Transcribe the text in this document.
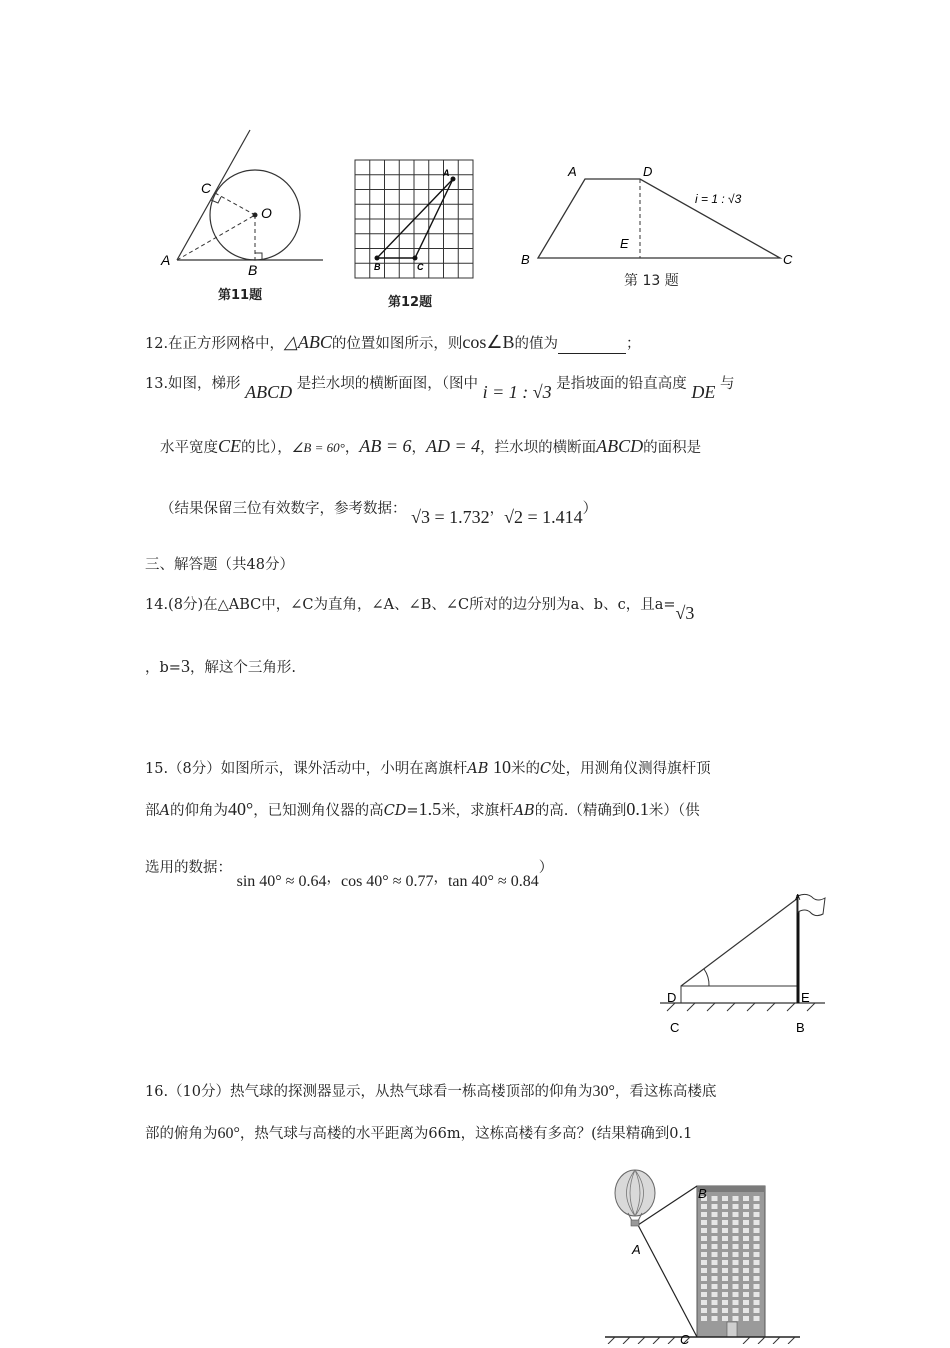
A
B
C
O
第11题
A
B	C
第12题
A	D
B	C
E
i = 1 : √3
第 13 题
12.在正方形网格中，△ABC的位置如图所示，则cos∠B的值为	；
13.如图，梯形 ABCD 是拦水坝的横断面图，（图中 i = 1 : √3 是指坡面的铅直高度 DE 与
水平宽度CE的比），∠B = 60°，AB = 6，AD = 4，拦水坝的横断面ABCD的面积是
（结果保留三位有效数字，参考数据： √3 = 1.732，√2 = 1.414）
三、解答题（共48分）
14.(8分)在△ABC中，∠C为直角，∠A、∠B、∠C所对的边分别为a、b、c，且a=√3
，b=3，解这个三角形.
15.（8分）如图所示，课外活动中，小明在离旗杆AB 10米的C处，用测角仪测得旗杆顶
部A的仰角为40°，已知测角仪器的高CD=1.5米，求旗杆AB的高.（精确到0.1米）（供
选用的数据： sin 40° ≈ 0.64，cos 40° ≈ 0.77，tan 40° ≈ 0.84）
D	E
C	B
A
16.（10分）热气球的探测器显示，从热气球看一栋高楼顶部的仰角为30°，看这栋高楼底
部的俯角为60°，热气球与高楼的水平距离为66m，这栋高楼有多高？(结果精确到0.1
A
B
C
